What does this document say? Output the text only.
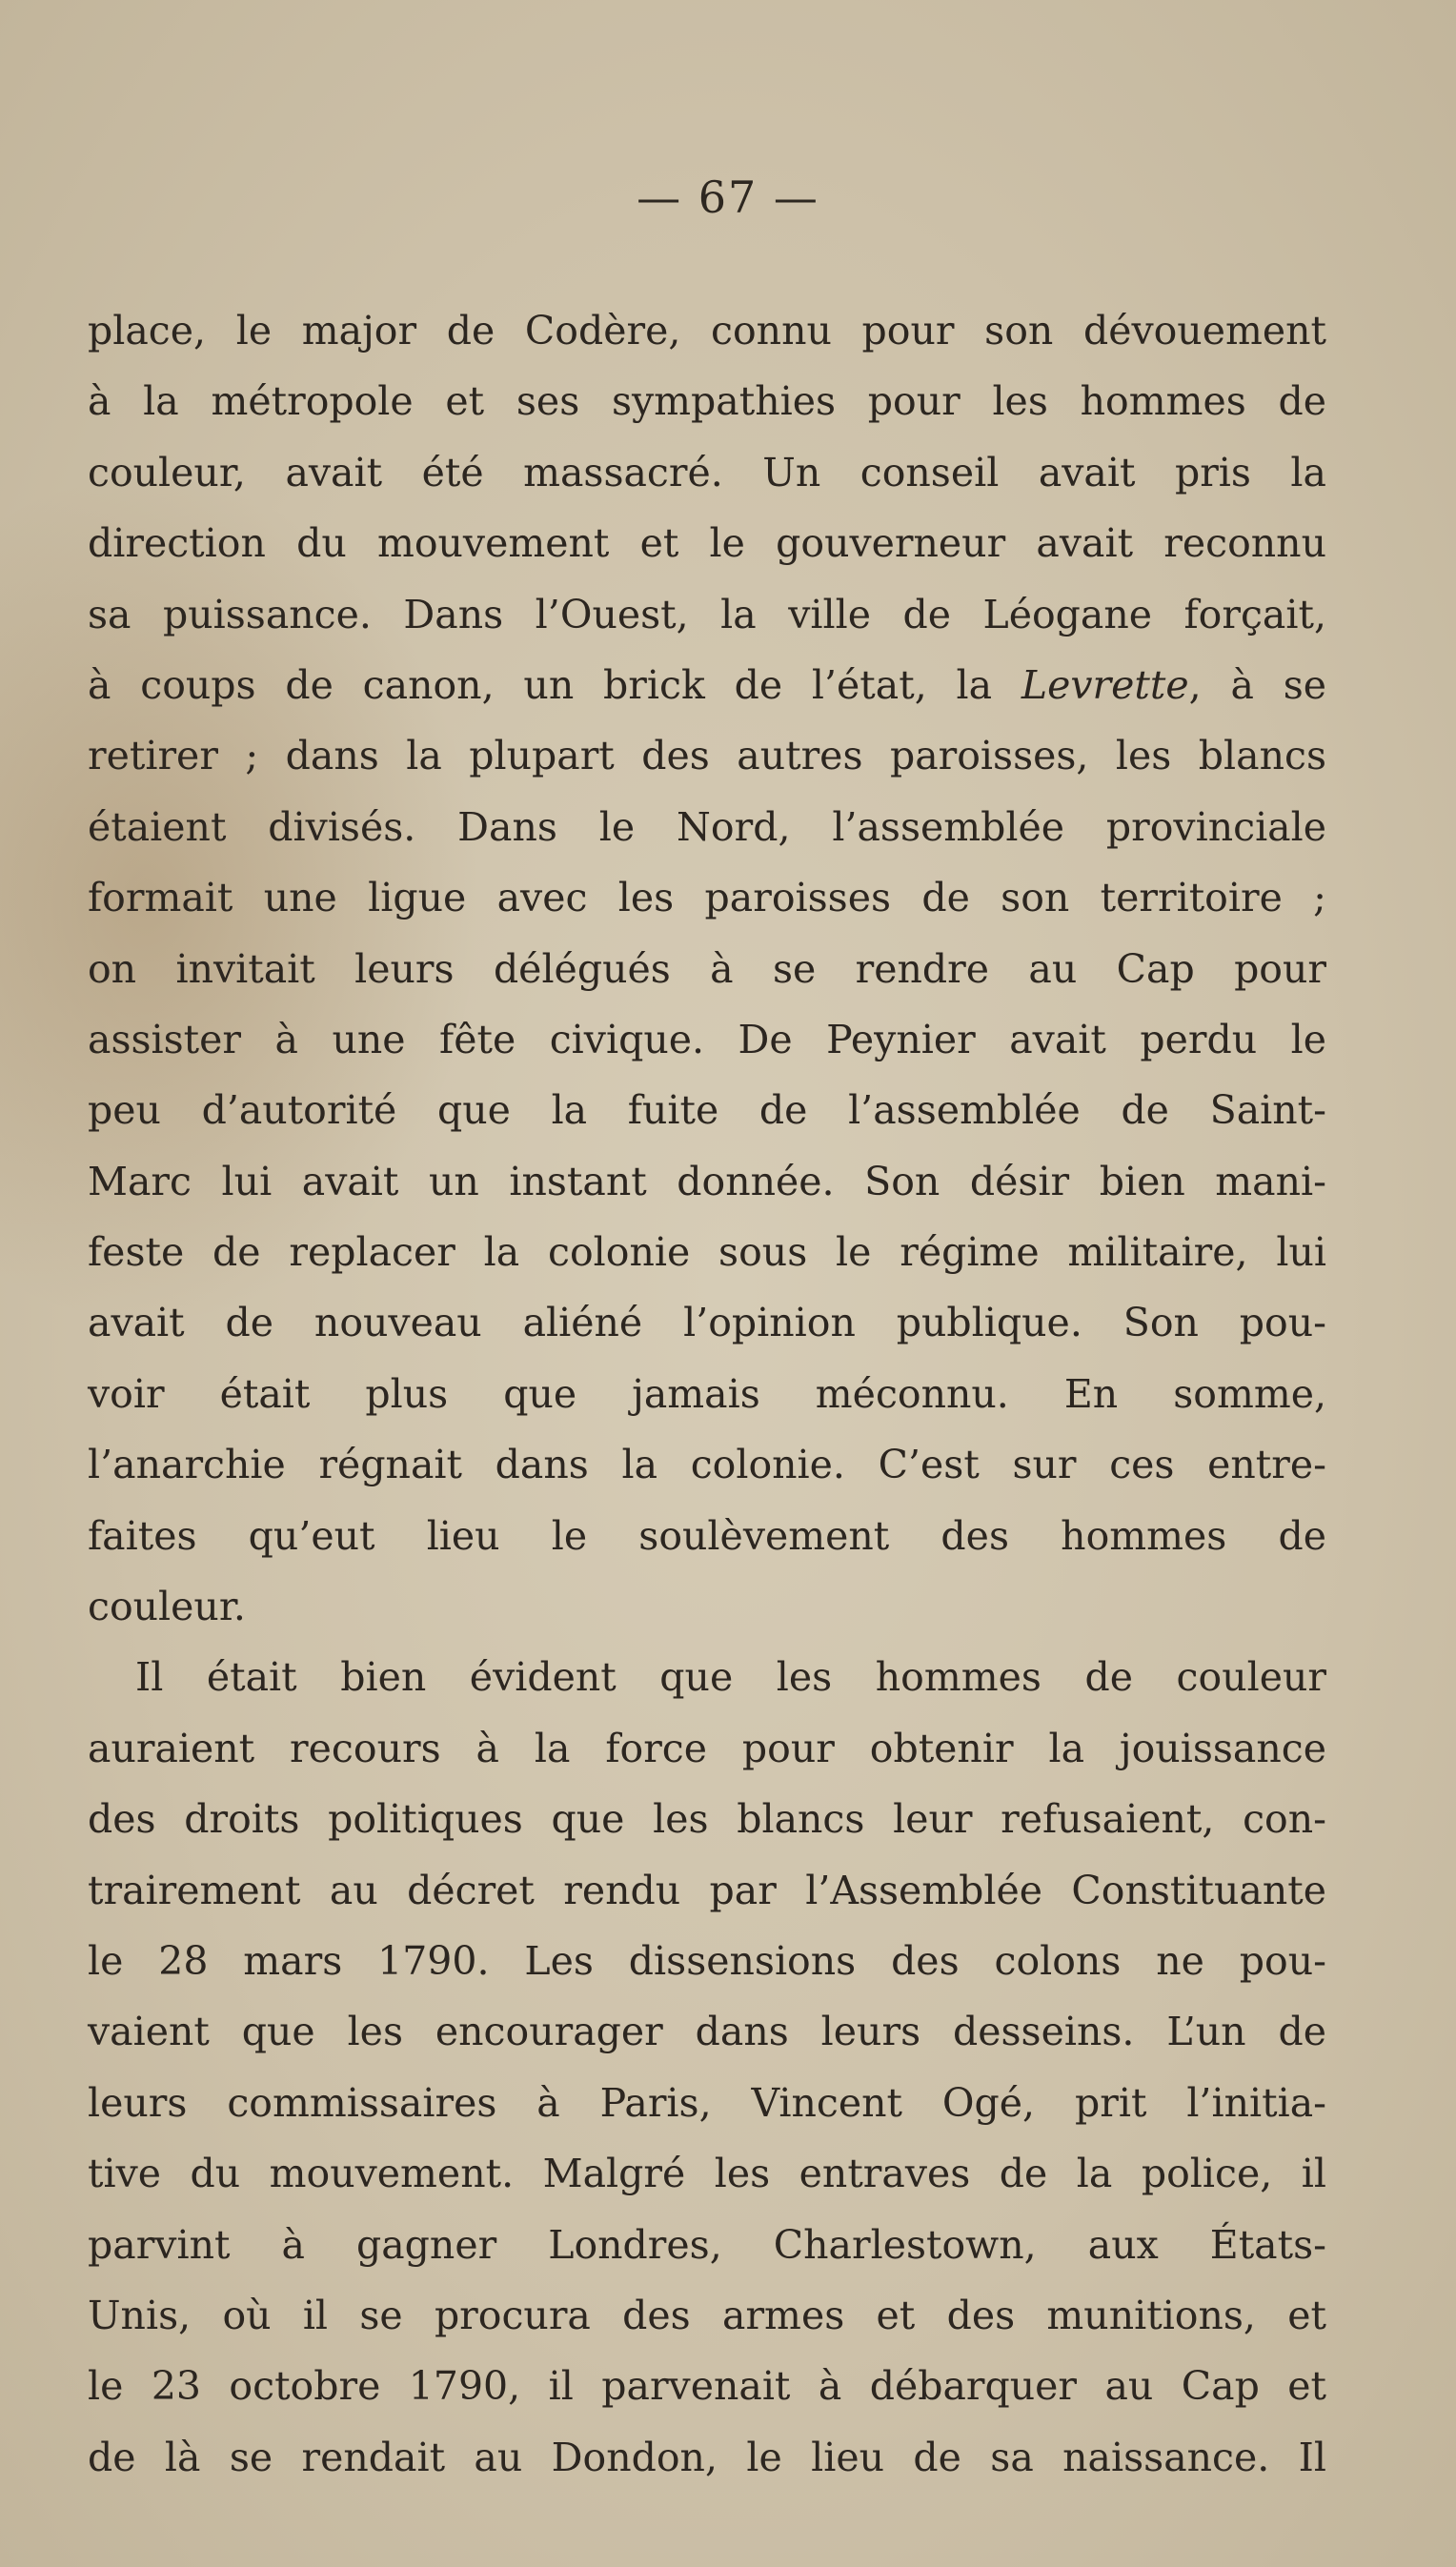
— 67 —
place, le major de Codère, connu pour son dévouement
à la métropole et ses sympathies pour les hommes de
couleur, avait été massacré. Un conseil avait pris la
direction du mouvement et le gouverneur avait reconnu
sa puissance. Dans l’Ouest, la ville de Léogane forçait,
à coups de canon, un brick de l’état, la Levrette, à se
retirer ; dans la plupart des autres paroisses, les blancs
étaient divisés. Dans le Nord, l’assemblée provinciale
formait une ligue avec les paroisses de son territoire ;
on invitait leurs délégués à se rendre au Cap pour
assister à une fête civique. De Peynier avait perdu le
peu d’autorité que la fuite de l’assemblée de Saint-
Marc lui avait un instant donnée. Son désir bien mani-
feste de replacer la colonie sous le régime militaire, lui
avait de nouveau aliéné l’opinion publique. Son pou-
voir était plus que jamais méconnu. En somme,
l’anarchie régnait dans la colonie. C’est sur ces entre-
faites qu’eut lieu le soulèvement des hommes de
couleur.
Il était bien évident que les hommes de couleur
auraient recours à la force pour obtenir la jouissance
des droits politiques que les blancs leur refusaient, con-
trairement au décret rendu par l’Assemblée Constituante
le 28 mars 1790. Les dissensions des colons ne pou-
vaient que les encourager dans leurs desseins. L’un de
leurs commissaires à Paris, Vincent Ogé, prit l’initia-
tive du mouvement. Malgré les entraves de la police, il
parvint à gagner Londres, Charlestown, aux États-
Unis, où il se procura des armes et des munitions, et
le 23 octobre 1790, il parvenait à débarquer au Cap et
de là se rendait au Dondon, le lieu de sa naissance. Il
